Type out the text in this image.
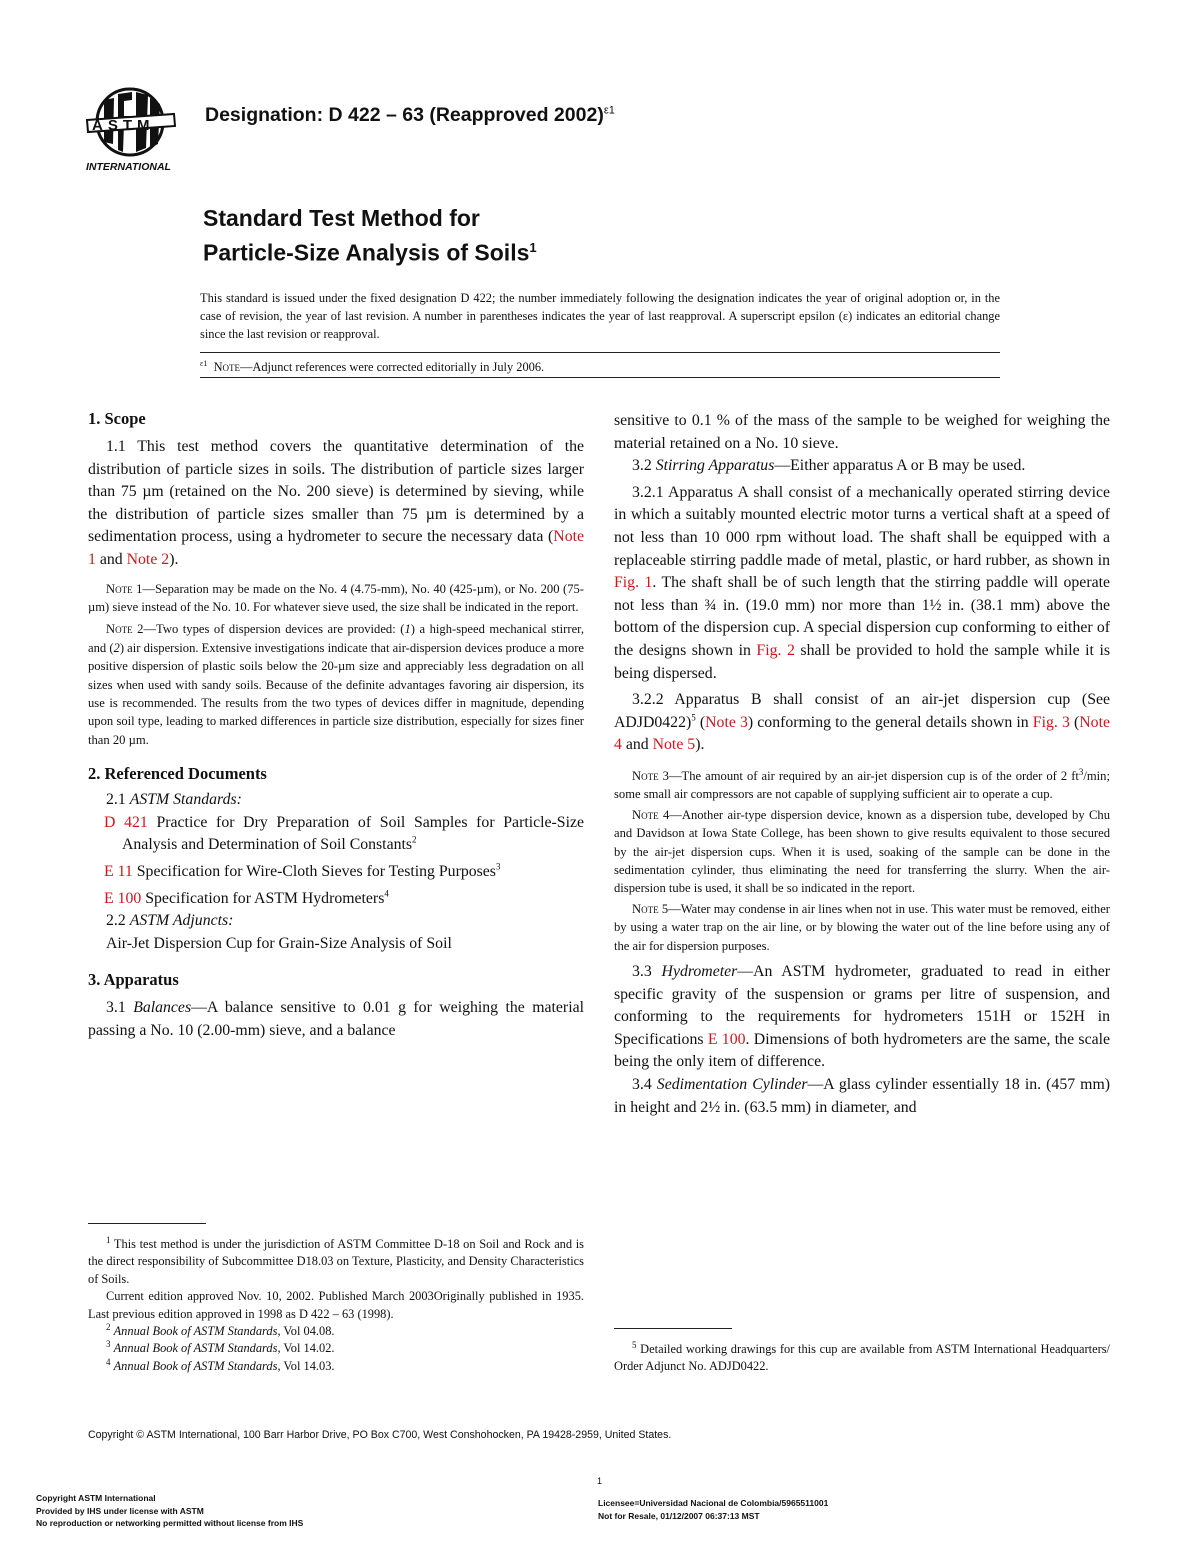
ASTM
INTERNATIONAL
Designation: D 422 – 63 (Reapproved 2002)$^{\varepsilon 1}$
Standard Test Method for
Particle-Size Analysis of Soils$^1$

This standard is issued under the fixed designation D 422; the number immediately following the designation indicates the year of original adoption or, in the case of revision, the year of last revision. A number in parentheses indicates the year of last reapproval. A superscript epsilon (ε) indicates an editorial change since the last revision or reapproval.

$^{\varepsilon 1}$ Note—Adjunct references were corrected editorially in July 2006.
1. Scope

1.1 This test method covers the quantitative determination of the distribution of particle sizes in soils. The distribution of particle sizes larger than 75 µm (retained on the No. 200 sieve) is determined by sieving, while the distribution of particle sizes smaller than 75 µm is determined by a sedimentation process, using a hydrometer to secure the necessary data (Note 1 and Note 2).

Note 1—Separation may be made on the No. 4 (4.75-mm), No. 40 (425-µm), or No. 200 (75-µm) sieve instead of the No. 10. For whatever sieve used, the size shall be indicated in the report.

Note 2—Two types of dispersion devices are provided: (1) a high-speed mechanical stirrer, and (2) air dispersion. Extensive investigations indicate that air-dispersion devices produce a more positive dispersion of plastic soils below the 20-µm size and appreciably less degradation on all sizes when used with sandy soils. Because of the definite advantages favoring air dispersion, its use is recommended. The results from the two types of devices differ in magnitude, depending upon soil type, leading to marked differences in particle size distribution, especially for sizes finer than 20 µm.

2. Referenced Documents

2.1 ASTM Standards:

D 421 Practice for Dry Preparation of Soil Samples for Particle-Size Analysis and Determination of Soil Constants$^2$

E 11 Specification for Wire-Cloth Sieves for Testing Purposes$^3$

E 100 Specification for ASTM Hydrometers$^4$

2.2 ASTM Adjuncts:

Air-Jet Dispersion Cup for Grain-Size Analysis of Soil

3. Apparatus

3.1 Balances—A balance sensitive to 0.01 g for weighing the material passing a No. 10 (2.00-mm) sieve, and a balance

$^1$ This test method is under the jurisdiction of ASTM Committee D-18 on Soil and Rock and is the direct responsibility of Subcommittee D18.03 on Texture, Plasticity, and Density Characteristics of Soils.

Current edition approved Nov. 10, 2002. Published March 2003Originally published in 1935. Last previous edition approved in 1998 as D 422 – 63 (1998).

$^2$ Annual Book of ASTM Standards, Vol 04.08.

$^3$ Annual Book of ASTM Standards, Vol 14.02.

$^4$ Annual Book of ASTM Standards, Vol 14.03.

sensitive to 0.1 % of the mass of the sample to be weighed for weighing the material retained on a No. 10 sieve.

3.2 Stirring Apparatus—Either apparatus A or B may be used.

3.2.1 Apparatus A shall consist of a mechanically operated stirring device in which a suitably mounted electric motor turns a vertical shaft at a speed of not less than 10 000 rpm without load. The shaft shall be equipped with a replaceable stirring paddle made of metal, plastic, or hard rubber, as shown in Fig. 1. The shaft shall be of such length that the stirring paddle will operate not less than ¾ in. (19.0 mm) nor more than 1½ in. (38.1 mm) above the bottom of the dispersion cup. A special dispersion cup conforming to either of the designs shown in Fig. 2 shall be provided to hold the sample while it is being dispersed.

3.2.2 Apparatus B shall consist of an air-jet dispersion cup (See ADJD0422)$^5$ (Note 3) conforming to the general details shown in Fig. 3 (Note 4 and Note 5).

Note 3—The amount of air required by an air-jet dispersion cup is of the order of 2 $ft^3/\min$; some small air compressors are not capable of supplying sufficient air to operate a cup.

Note 4—Another air-type dispersion device, known as a dispersion tube, developed by Chu and Davidson at Iowa State College, has been shown to give results equivalent to those secured by the air-jet dispersion cups. When it is used, soaking of the sample can be done in the sedimentation cylinder, thus eliminating the need for transferring the slurry. When the air-dispersion tube is used, it shall be so indicated in the report.

Note 5—Water may condense in air lines when not in use. This water must be removed, either by using a water trap on the air line, or by blowing the water out of the line before using any of the air for dispersion purposes.

3.3 Hydrometer—An ASTM hydrometer, graduated to read in either specific gravity of the suspension or grams per litre of suspension, and conforming to the requirements for hydrometers 151H or 152H in Specifications E 100. Dimensions of both hydrometers are the same, the scale being the only item of difference.

3.4 Sedimentation Cylinder—A glass cylinder essentially 18 in. (457 mm) in height and 2½ in. (63.5 mm) in diameter, and

$^5$ Detailed working drawings for this cup are available from ASTM International Headquarters/ Order Adjunct No. ADJD0422.

Copyright © ASTM International, 100 Barr Harbor Drive, PO Box C700, West Conshohocken, PA 19428-2959, United States.
1
Copyright ASTM International
Provided by IHS under license with ASTM
No reproduction or networking permitted without license from IHS
Licensee=Universidad Nacional de Colombia/5965511001
Not for Resale, 01/12/2007 06:37:13 MST
